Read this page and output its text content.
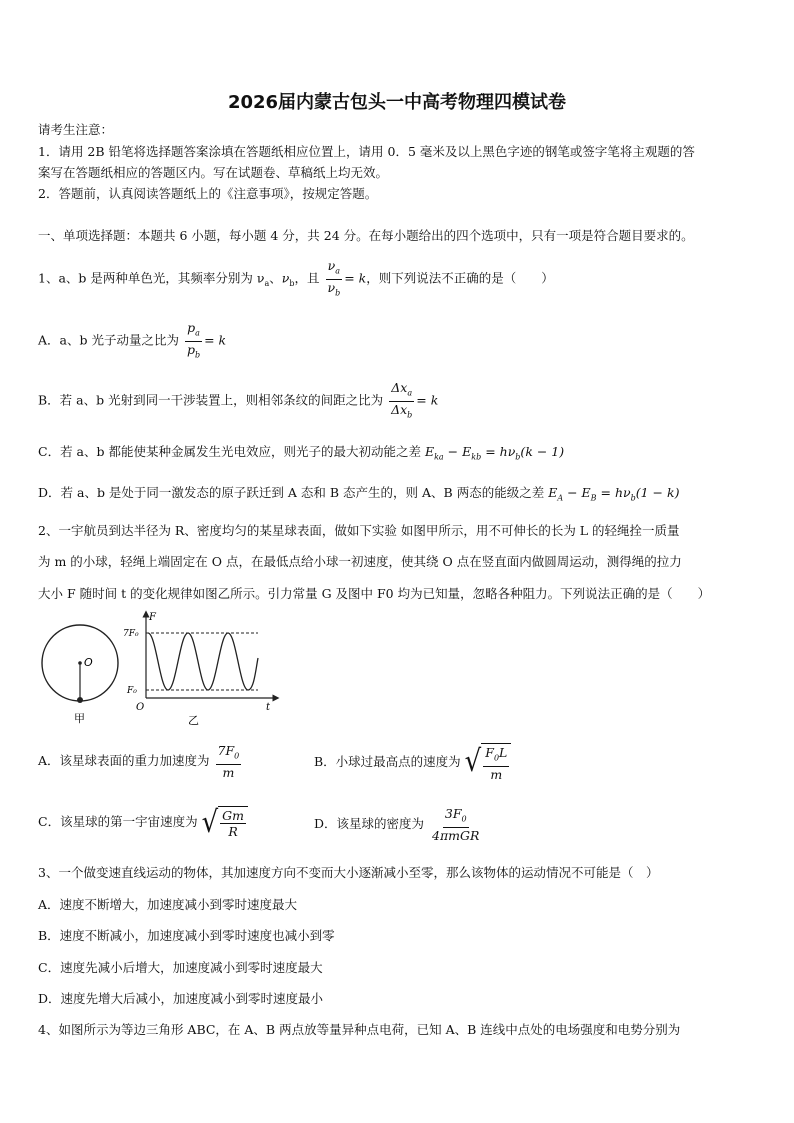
2026届内蒙古包头一中高考物理四模试卷
请考生注意：
1．请用 2B 铅笔将选择题答案涂填在答题纸相应位置上，请用 0．5 毫米及以上黑色字迹的钢笔或签字笔将主观题的答
案写在答题纸相应的答题区内。写在试题卷、草稿纸上均无效。
2．答题前，认真阅读答题纸上的《注意事项》，按规定答题。
一、单项选择题：本题共 6 小题，每小题 4 分，共 24 分。在每小题给出的四个选项中，只有一项是符合题目要求的。
1、a、b 是两种单色光，其频率分别为 $\nu_a$、$\nu_b$，且 $\frac{\nu_a}{\nu_b} = k$，则下列说法不正确的是（　　）
A．a、b 光子动量之比为 $\frac{p_a}{p_b} = k$
B．若 a、b 光射到同一干涉装置上，则相邻条纹的间距之比为 $\frac{\Delta x_a}{\Delta x_b} = k$
C．若 a、b 都能使某种金属发生光电效应，则光子的最大初动能之差 $E_{ka} - E_{kb} = h\nu_b(k - 1)$
D．若 a、b 是处于同一激发态的原子跃迁到 A 态和 B 态产生的，则 A、B 两态的能级之差 $E_A - E_B = h\nu_b(1 - k)$
2、一宇航员到达半径为 R、密度均匀的某星球表面，做如下实验 如图甲所示，用不可伸长的长为 L 的轻绳拴一质量
为 m 的小球，轻绳上端固定在 O 点，在最低点给小球一初速度，使其绕 O 点在竖直面内做圆周运动，测得绳的拉力
大小 F 随时间 t 的变化规律如图乙所示。引力常量 G 及图中 F0 均为已知量，忽略各种阻力。下列说法正确的是（　　）
O
甲
F
7F₀
F₀
O	t
乙
A．该星球表面的重力加速度为 $\frac{7F_0}{m}$	B．小球过最高点的速度为 √ $\frac{F_0L}{m}$
C．该星球的第一宇宙速度为 √ $\frac{Gm}{R}$	D．该星球的密度为 $\frac{3F_0}{\text{4πmGR}}$
3、一个做变速直线运动的物体，其加速度方向不变而大小逐渐减小至零，那么该物体的运动情况不可能是（　）
A．速度不断增大，加速度减小到零时速度最大
B．速度不断减小，加速度减小到零时速度也减小到零
C．速度先减小后增大，加速度减小到零时速度最大
D．速度先增大后减小，加速度减小到零时速度最小
4、如图所示为等边三角形 ABC，在 A、B 两点放等量异种点电荷，已知 A、B 连线中点处的电场强度和电势分别为
